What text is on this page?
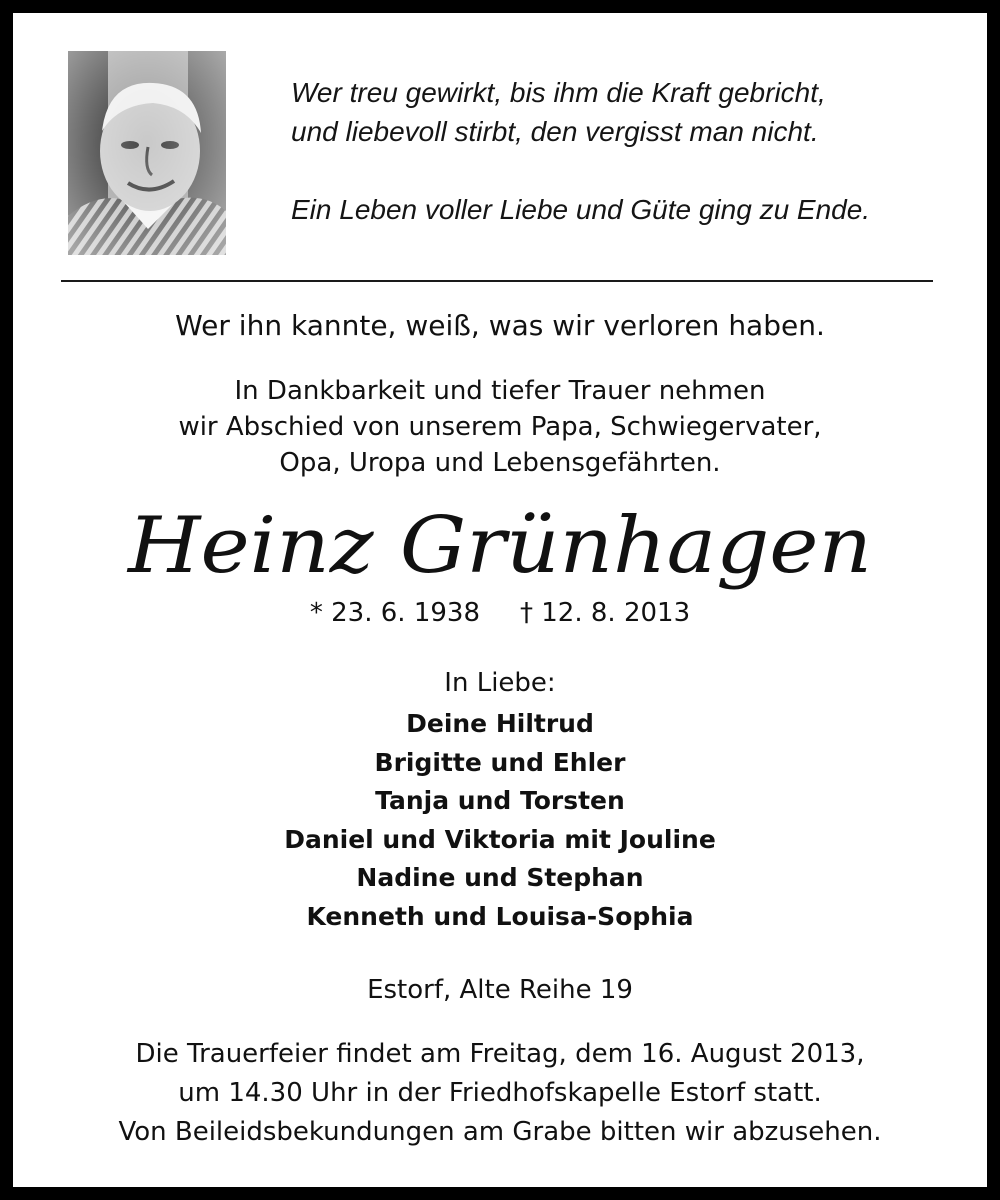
Wer treu gewirkt, bis ihm die Kraft gebricht,
und liebevoll stirbt, den vergisst man nicht.
Ein Leben voller Liebe und Güte ging zu Ende.
Wer ihn kannte, weiß, was wir verloren haben.
In Dankbarkeit und tiefer Trauer nehmen
wir Abschied von unserem Papa, Schwiegervater,
Opa, Uropa und Lebensgefährten.
Heinz Grünhagen
* 23. 6. 1938 † 12. 8. 2013
In Liebe:
Deine Hiltrud
Brigitte und Ehler
Tanja und Torsten
Daniel und Viktoria mit Jouline
Nadine und Stephan
Kenneth und Louisa-Sophia
Estorf, Alte Reihe 19
Die Trauerfeier findet am Freitag, dem 16. August 2013,
um 14.30 Uhr in der Friedhofskapelle Estorf statt.
Von Beileidsbekundungen am Grabe bitten wir abzusehen.
